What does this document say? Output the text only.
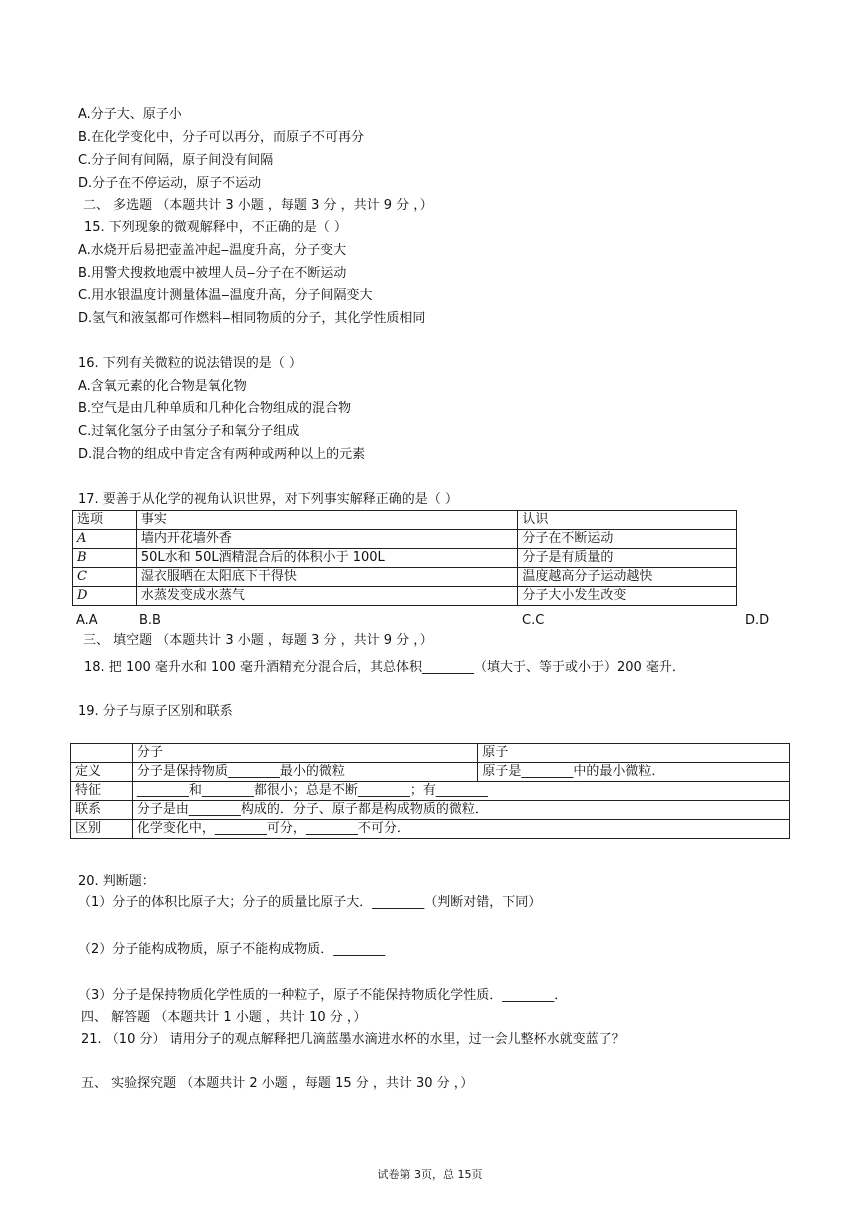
A.分子大、原子小
B.在化学变化中，分子可以再分，而原子不可再分
C.分子间有间隔，原子间没有间隔
D.分子在不停运动，原子不运动
二、 多选题 （本题共计 3 小题 ，每题 3 分 ，共计 9 分 ，）
15. 下列现象的微观解释中，不正确的是（ ）
A.水烧开后易把壶盖冲起‒温度升高，分子变大
B.用警犬搜救地震中被埋人员‒分子在不断运动
C.用水银温度计测量体温‒温度升高，分子间隔变大
D.氢气和液氢都可作燃料‒相同物质的分子，其化学性质相同
16. 下列有关微粒的说法错误的是（ ）
A.含氧元素的化合物是氧化物
B.空气是由几种单质和几种化合物组成的混合物
C.过氧化氢分子由氢分子和氧分子组成
D.混合物的组成中肯定含有两种或两种以上的元素
17. 要善于从化学的视角认识世界，对下列事实解释正确的是（ ）
选项	事实	认识
A	墙内开花墙外香	分子在不断运动
B	50L水和 50L酒精混合后的体积小于 100L	分子是有质量的
C	湿衣服晒在太阳底下干得快	温度越高分子运动越快
D	水蒸发变成水蒸气	分子大小发生改变
A.A	B.B	C.C	D.D
三、 填空题 （本题共计 3 小题 ，每题 3 分 ，共计 9 分 ，）
18. 把 100 毫升水和 100 毫升酒精充分混合后，其总体积________（填大于、等于或小于）200 毫升．
19. 分子与原子区别和联系
	分子	原子
定义	分子是保持物质________最小的微粒	原子是________中的最小微粒．
特征	________和________都很小；总是不断________；有________	
联系	分子是由________构成的．分子、原子都是构成物质的微粒．	
区别	化学变化中，________可分，________不可分．	
20. 判断题：
（1）分子的体积比原子大；分子的质量比原子大．________（判断对错，下同）
（2）分子能构成物质，原子不能构成物质．________
（3）分子是保持物质化学性质的一种粒子，原子不能保持物质化学性质．________．
四、 解答题 （本题共计 1 小题 ，共计 10 分 ，）
21. （10 分） 请用分子的观点解释把几滴蓝墨水滴进水杯的水里，过一会儿整杯水就变蓝了？
五、 实验探究题 （本题共计 2 小题 ，每题 15 分 ，共计 30 分 ，）
试卷第 3页，总 15页
